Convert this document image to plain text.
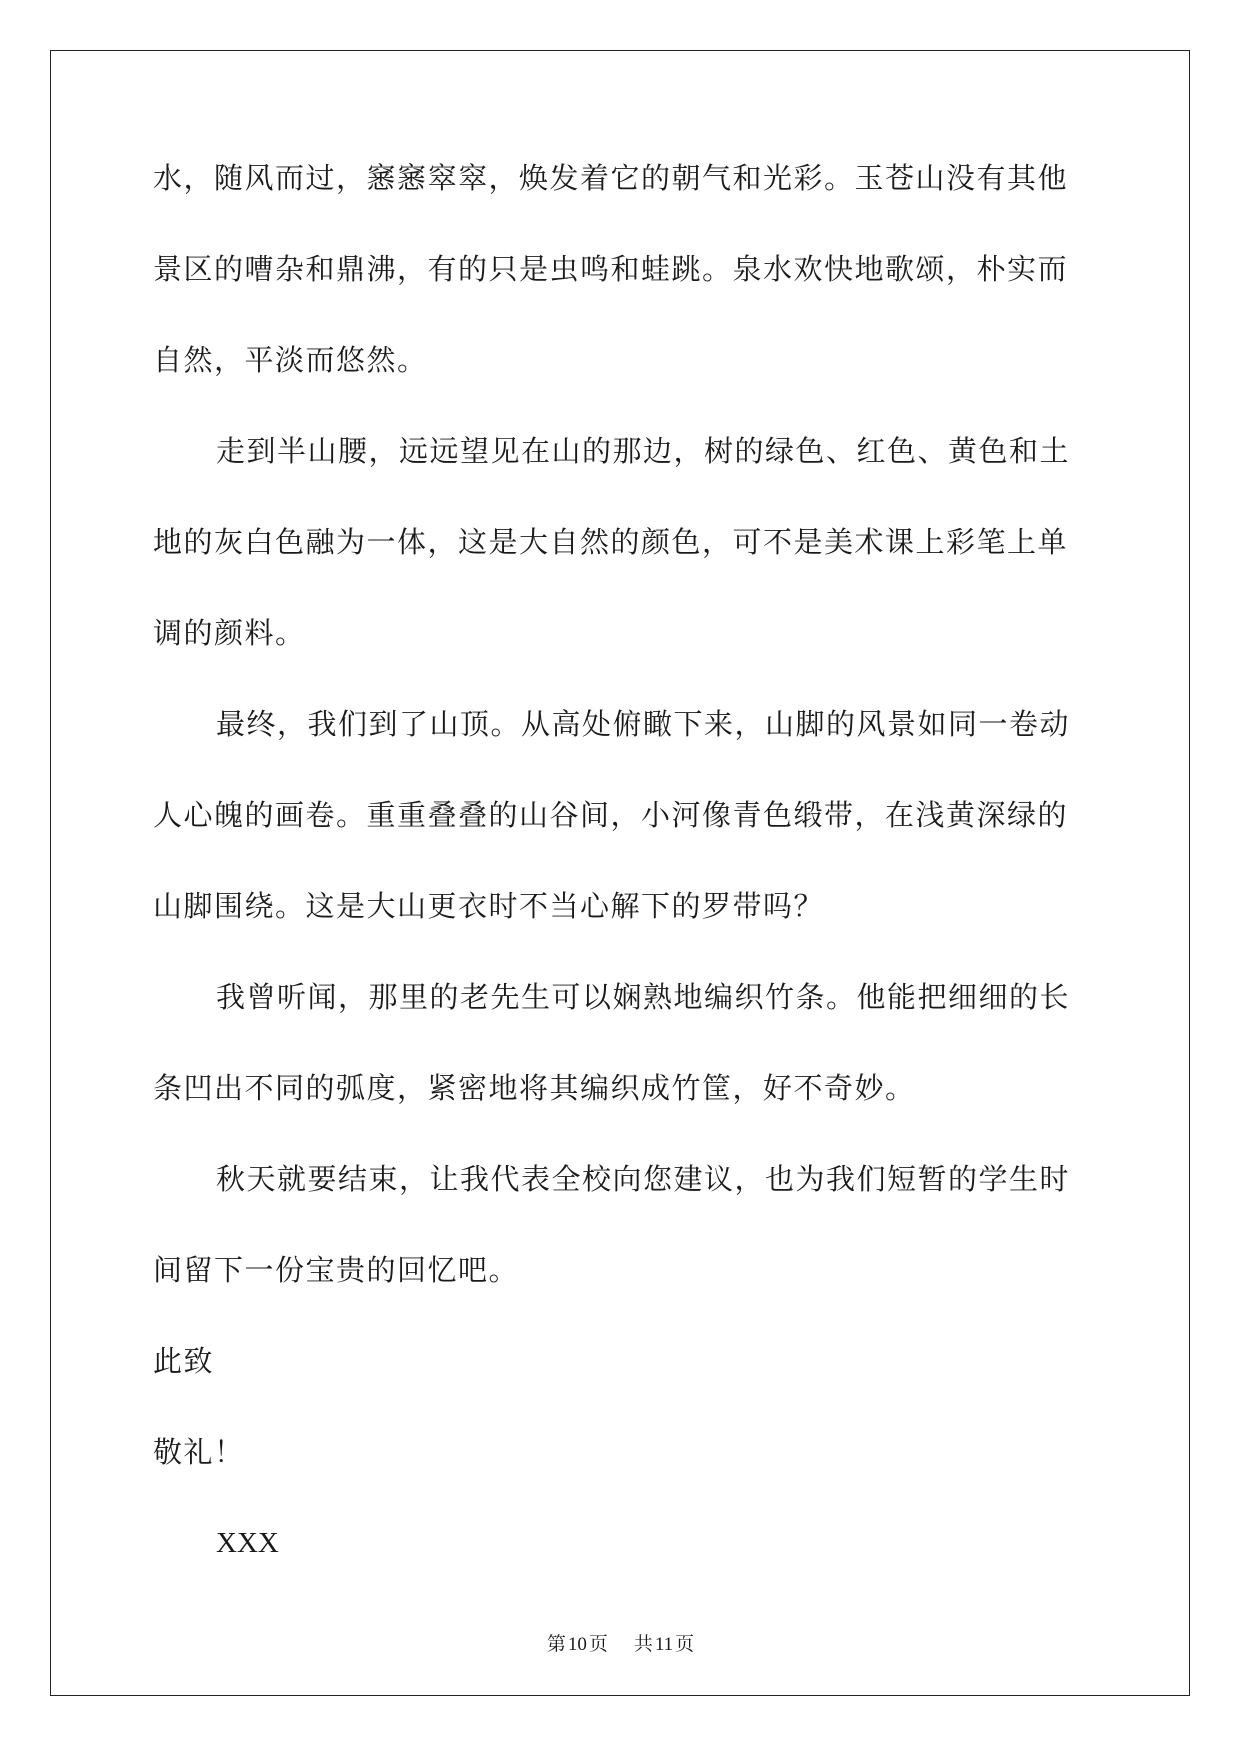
水，随风而过，窸窸窣窣，焕发着它的朝气和光彩。玉苍山没有其他

景区的嘈杂和鼎沸，有的只是虫鸣和蛙跳。泉水欢快地歌颂，朴实而

自然，平淡而悠然。

走到半山腰，远远望见在山的那边，树的绿色、红色、黄色和土

地的灰白色融为一体，这是大自然的颜色，可不是美术课上彩笔上单

调的颜料。

最终，我们到了山顶。从高处俯瞰下来，山脚的风景如同一卷动

人心魄的画卷。重重叠叠的山谷间，小河像青色缎带，在浅黄深绿的

山脚围绕。这是大山更衣时不当心解下的罗带吗？

我曾听闻，那里的老先生可以娴熟地编织竹条。他能把细细的长

条凹出不同的弧度，紧密地将其编织成竹筐，好不奇妙。

秋天就要结束，让我代表全校向您建议，也为我们短暂的学生时

间留下一份宝贵的回忆吧。

此致

敬礼！

XXX

第 10 页 共 11 页
